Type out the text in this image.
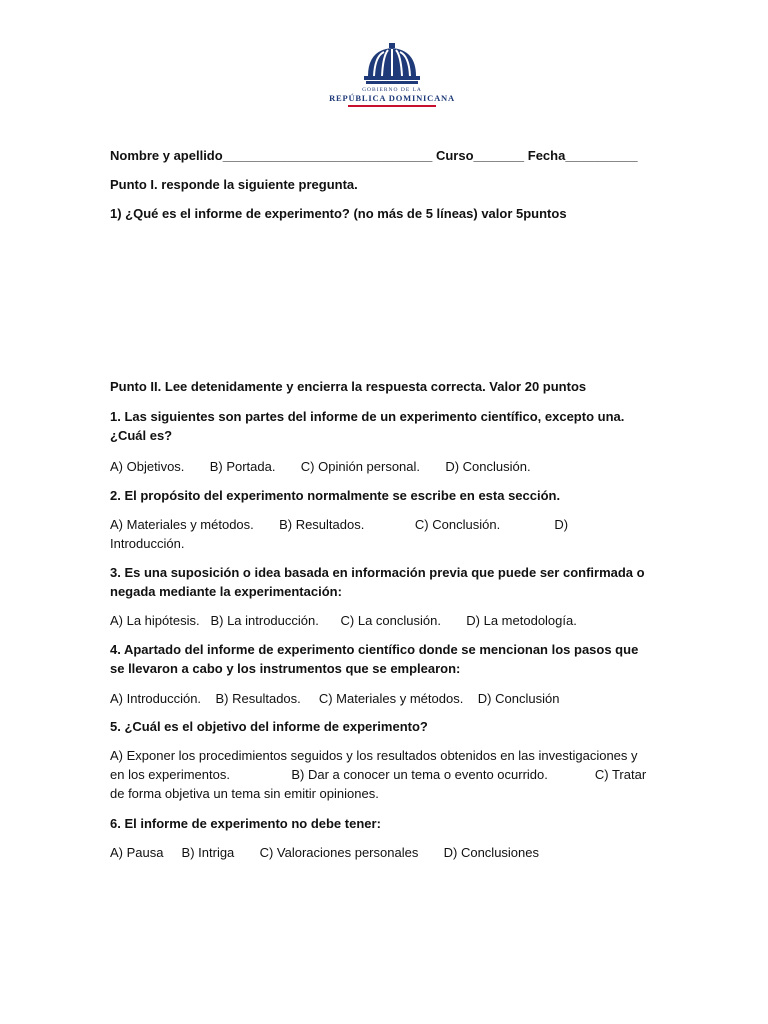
GOBIERNO DE LA
REPÚBLICA DOMINICANA
Nombre y apellido_____________________________ Curso_______ Fecha__________
Punto I. responde la siguiente pregunta.
1) ¿Qué es el informe de experimento? (no más de 5 líneas) valor 5puntos
Punto II. Lee detenidamente y encierra la respuesta correcta. Valor 20 puntos
1. Las siguientes son partes del informe de un experimento científico, excepto una. ¿Cuál es?
A) Objetivos. B) Portada. C) Opinión personal. D) Conclusión.
2. El propósito del experimento normalmente se escribe en esta sección.
A) Materiales y métodos. B) Resultados.	C) Conclusión.	D)
Introducción.
3. Es una suposición o idea basada en información previa que puede ser confirmada o negada mediante la experimentación:
A) La hipótesis. B) La introducción. C) La conclusión. D) La metodología.
4. Apartado del informe de experimento científico donde se mencionan los pasos que se llevaron a cabo y los instrumentos que se emplearon:
A) Introducción. B) Resultados. C) Materiales y métodos. D) Conclusión
5. ¿Cuál es el objetivo del informe de experimento?
A) Exponer los procedimientos seguidos y los resultados obtenidos en las investigaciones y en los experimentos.	B) Dar a conocer un tema o evento ocurrido.	C) Tratar de forma objetiva un tema sin emitir opiniones.
6. El informe de experimento no debe tener:
A) Pausa B) Intriga C) Valoraciones personales D) Conclusiones
